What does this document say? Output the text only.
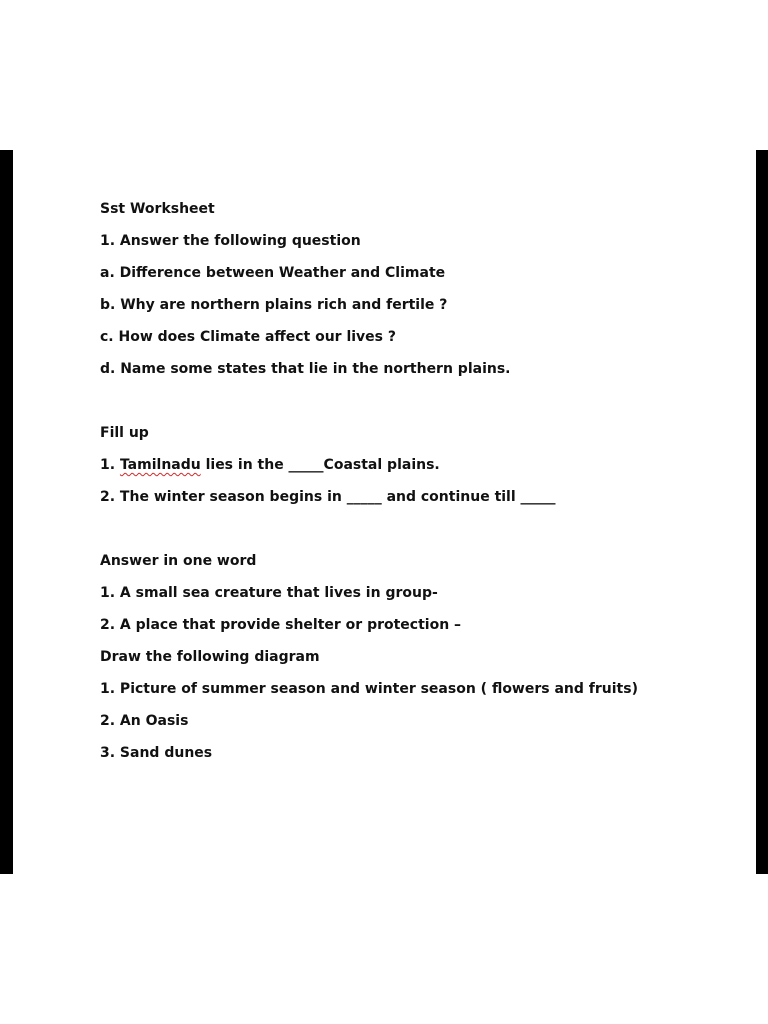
Sst Worksheet
1. Answer the following question
a. Difference between Weather and Climate
b. Why are northern plains rich and fertile ?
c. How does Climate affect our lives ?
d. Name some states that lie in the northern plains.
Fill up
1. Tamilnadu lies in the _____Coastal plains.
2. The winter season begins in _____ and continue till _____
Answer in one word
1. A small sea creature that lives in group-
2. A place that provide shelter or protection –
Draw the following diagram
1. Picture of summer season and winter season ( flowers and fruits)
2. An Oasis
3. Sand dunes
